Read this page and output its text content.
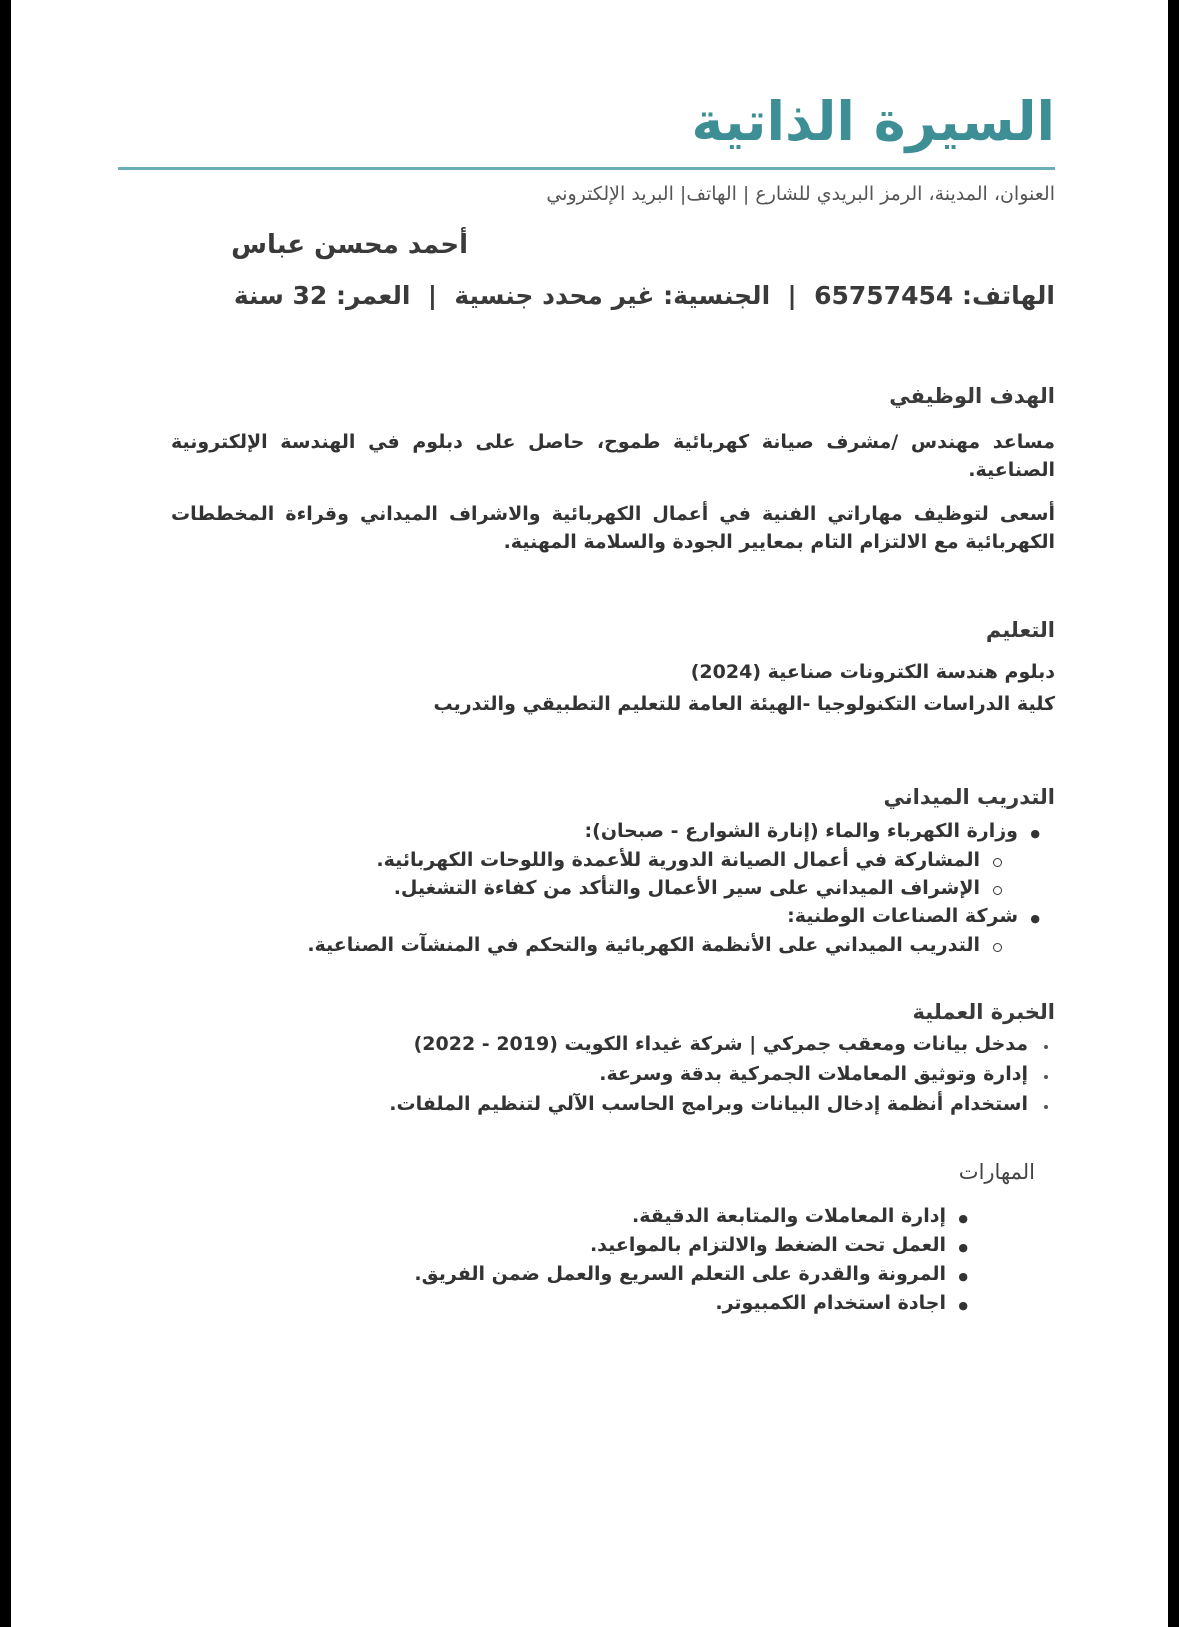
السيرة الذاتية
العنوان، المدينة، الرمز البريدي للشارع | الهاتف| البريد الإلكتروني
أحمد محسن عباس
الهاتف: 65757454  |  الجنسية: غير محدد جنسية  |  العمر: 32 سنة
الهدف الوظيفي
مساعد مهندس /مشرف صيانة كهربائية طموح، حاصل على دبلوم في الهندسة الإلكترونية الصناعية.
أسعى لتوظيف مهاراتي الفنية في أعمال الكهربائية والاشراف الميداني وقراءة المخططات الكهربائية مع الالتزام التام بمعايير الجودة والسلامة المهنية.
التعليم
دبلوم هندسة الكترونات صناعية (2024)
كلية الدراسات التكنولوجيا -الهيئة العامة للتعليم التطبيقي والتدريب
التدريب الميداني
●
وزارة الكهرباء والماء (إنارة الشوارع - صبحان):
المشاركة في أعمال الصيانة الدورية للأعمدة واللوحات الكهربائية.
الإشراف الميداني على سير الأعمال والتأكد من كفاءة التشغيل.
●
شركة الصناعات الوطنية:
التدريب الميداني على الأنظمة الكهربائية والتحكم في المنشآت الصناعية.
الخبرة العملية
مدخل بيانات ومعقب جمركي | شركة غيداء الكويت (2019 - 2022)
إدارة وتوثيق المعاملات الجمركية بدقة وسرعة.
استخدام أنظمة إدخال البيانات وبرامج الحاسب الآلي لتنظيم الملفات.
المهارات
●
إدارة المعاملات والمتابعة الدقيقة.
●
العمل تحت الضغط والالتزام بالمواعيد.
●
المرونة والقدرة على التعلم السريع والعمل ضمن الفريق.
●
اجادة استخدام الكمبيوتر.
